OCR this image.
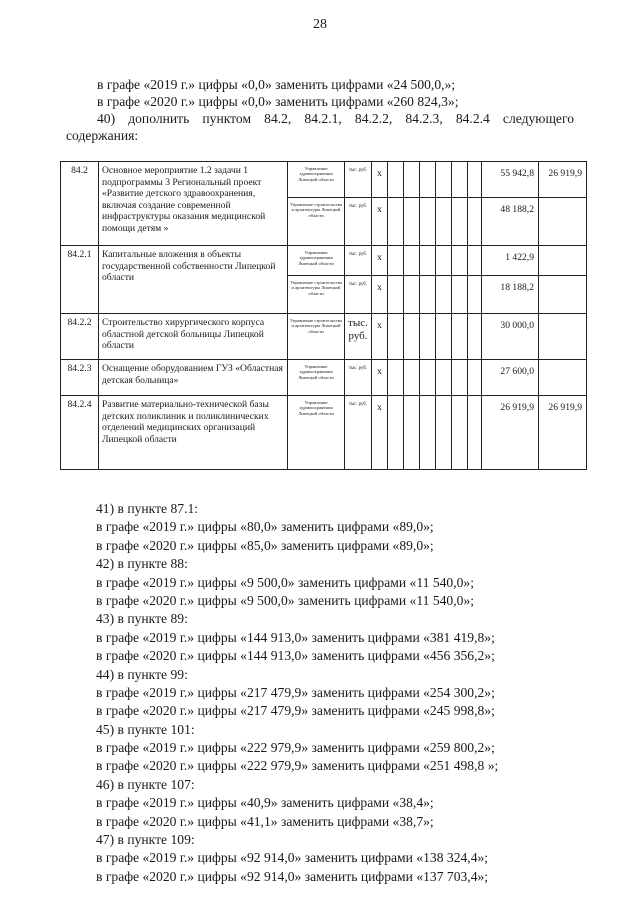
28
в графе «2019 г.» цифры «0,0» заменить цифрами «24 500,0,»;
в графе «2020 г.» цифры «0,0» заменить цифрами «260 824,3»;
40) дополнить пунктом 84.2, 84.2.1, 84.2.2, 84.2.3, 84.2.4 следующего
содержания:
84.2	Основное мероприятие 1.2 задачи 1 подпрограммы 3 Региональный проект «Развитие детского здравоохранения, включая создание современной инфраструктуры оказания медицинской помощи детям »	Управление здравоохранения Липецкой области	тыс. руб.	x							55 942,8	26 919,9
		Управление строительства и архитектуры Липецкой области	тыс. руб.	x							48 188,2	
84.2.1	Капитальные вложения в объекты государственной собственности Липецкой области	Управление здравоохранения Липецкой области	тыс. руб.	x							1 422,9	
		Управление строительства и архитектуры Липецкой области	тыс. руб.	x							18 188,2	
84.2.2	Строительство хирургического корпуса областной детской больницы Липецкой области	Управление строительства и архитектуры Липецкой области	тыс. руб.	x							30 000,0	
84.2.3	Оснащение оборудованием ГУЗ «Областная детская больница»	Управление здравоохранения Липецкой области	тыс. руб.	x							27 600,0	
84.2.4	Развитие материально-технической базы детских поликлиник и поликлинических отделений медицинских организаций Липецкой области	Управление здравоохранения Липецкой области	тыс. руб.	x							26 919,9	26 919,9
41) в пункте 87.1:
в графе «2019 г.» цифры «80,0» заменить цифрами «89,0»;
в графе «2020 г.» цифры «85,0» заменить цифрами «89,0»;
42) в пункте 88:
в графе «2019 г.» цифры «9 500,0» заменить цифрами «11 540,0»;
в графе «2020 г.» цифры «9 500,0» заменить цифрами «11 540,0»;
43) в пункте 89:
в графе «2019 г.» цифры «144 913,0» заменить цифрами «381 419,8»;
в графе «2020 г.» цифры «144 913,0» заменить цифрами «456 356,2»;
44) в пункте 99:
в графе «2019 г.» цифры «217 479,9» заменить цифрами «254 300,2»;
в графе «2020 г.» цифры «217 479,9» заменить цифрами «245 998,8»;
45) в пункте 101:
в графе «2019 г.» цифры «222 979,9» заменить цифрами «259 800,2»;
в графе «2020 г.» цифры «222 979,9» заменить цифрами «251 498,8 »;
46) в пункте 107:
в графе «2019 г.» цифры «40,9» заменить цифрами «38,4»;
в графе «2020 г.» цифры «41,1» заменить цифрами «38,7»;
47) в пункте 109:
в графе «2019 г.» цифры «92 914,0» заменить цифрами «138 324,4»;
в графе «2020 г.» цифры «92 914,0» заменить цифрами «137 703,4»;
